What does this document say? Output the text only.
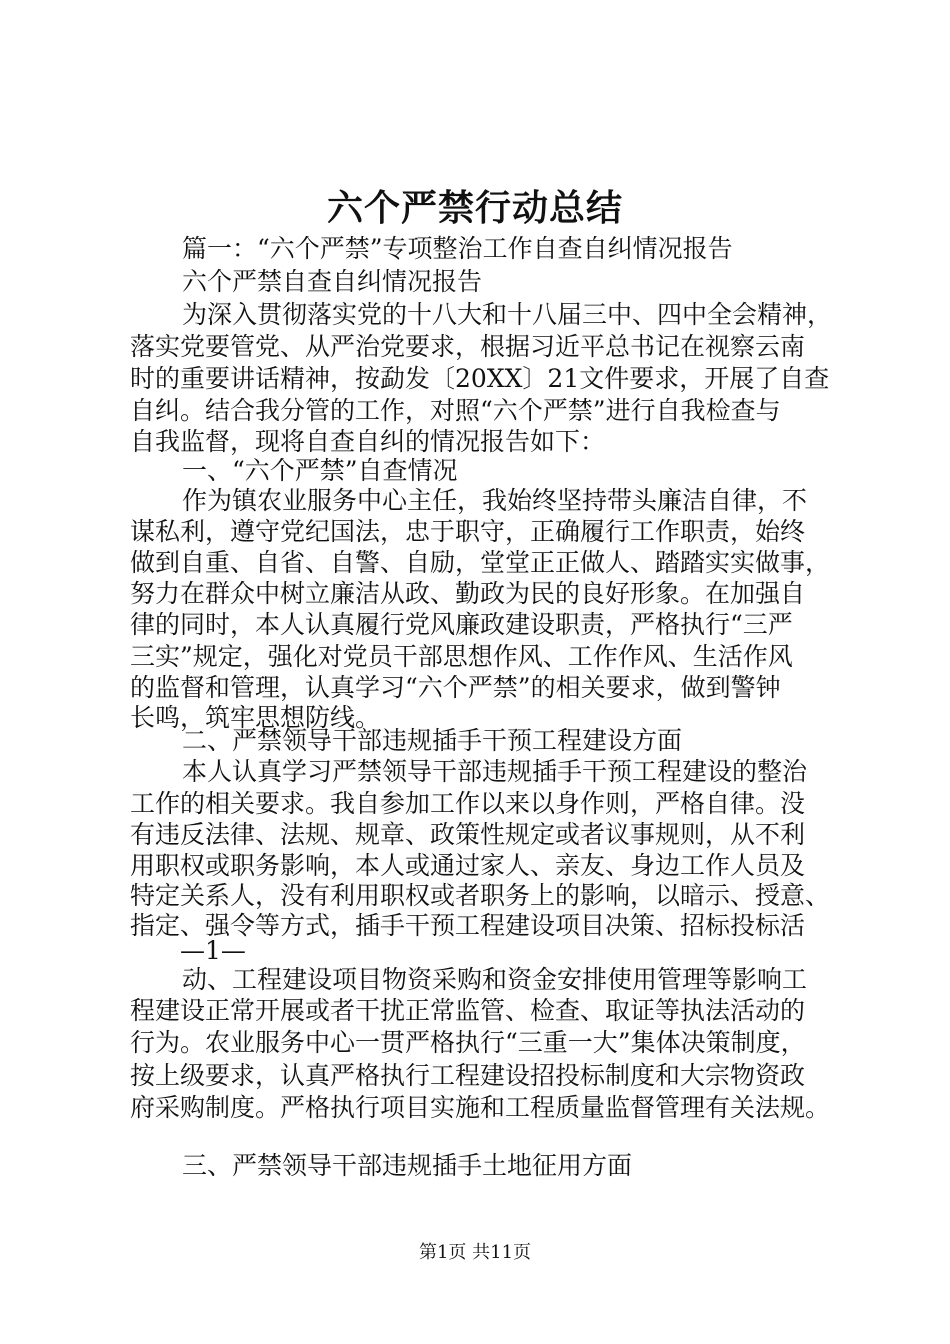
六个严禁行动总结
篇一：“六个严禁”专项整治工作自查自纠情况报告
六个严禁自查自纠情况报告
为深入贯彻落实党的十八大和十八届三中、四中全会精神，
落实党要管党、从严治党要求，根据习近平总书记在视察云南
时的重要讲话精神，按勐发〔20XX〕21文件要求，开展了自查
自纠。结合我分管的工作，对照“六个严禁”进行自我检查与
自我监督，现将自查自纠的情况报告如下：
一、“六个严禁”自查情况
作为镇农业服务中心主任，我始终坚持带头廉洁自律，不
谋私利，遵守党纪国法，忠于职守，正确履行工作职责，始终
做到自重、自省、自警、自励，堂堂正正做人、踏踏实实做事，
努力在群众中树立廉洁从政、勤政为民的良好形象。在加强自
律的同时，本人认真履行党风廉政建设职责，严格执行“三严
三实”规定，强化对党员干部思想作风、工作作风、生活作风
的监督和管理，认真学习“六个严禁”的相关要求，做到警钟
长鸣，筑牢思想防线。
二、严禁领导干部违规插手干预工程建设方面
本人认真学习严禁领导干部违规插手干预工程建设的整治
工作的相关要求。我自参加工作以来以身作则，严格自律。没
有违反法律、法规、规章、政策性规定或者议事规则，从不利
用职权或职务影响，本人或通过家人、亲友、身边工作人员及
特定关系人，没有利用职权或者职务上的影响，以暗示、授意、
指定、强令等方式，插手干预工程建设项目决策、招标投标活
—1—
动、工程建设项目物资采购和资金安排使用管理等影响工
程建设正常开展或者干扰正常监管、检查、取证等执法活动的
行为。农业服务中心一贯严格执行“三重一大”集体决策制度，
按上级要求，认真严格执行工程建设招投标制度和大宗物资政
府采购制度。严格执行项目实施和工程质量监督管理有关法规。
三、严禁领导干部违规插手土地征用方面
第1页 共11页
